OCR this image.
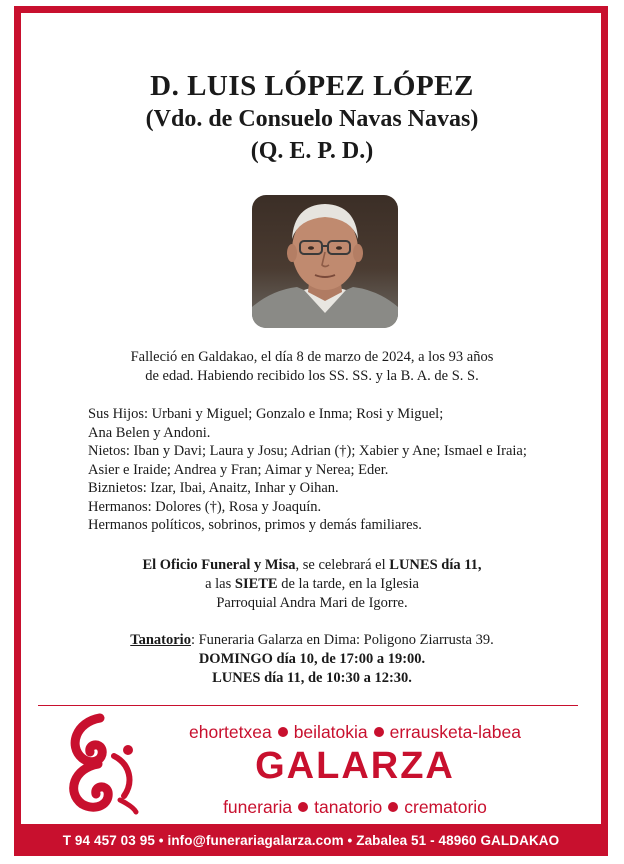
D. LUIS LÓPEZ LÓPEZ
(Vdo. de Consuelo Navas Navas)
(Q. E. P. D.)
Falleció en Galdakao, el día 8 de marzo de 2024, a los 93 años
de edad. Habiendo recibido los SS. SS. y la B. A. de S. S.
Sus Hijos: Urbani y Miguel; Gonzalo e Inma; Rosi y Miguel;
Ana Belen y Andoni.
Nietos: Iban y Davi; Laura y Josu; Adrian (†); Xabier y Ane; Ismael e Iraia;
Asier e Iraide; Andrea y Fran; Aimar y Nerea; Eder.
Biznietos: Izar, Ibai, Anaitz, Inhar y Oihan.
Hermanos: Dolores (†), Rosa y Joaquín.
Hermanos políticos, sobrinos, primos y demás familiares.
El Oficio Funeral y Misa, se celebrará el LUNES día 11,
a las SIETE de la tarde, en la Iglesia
Parroquial Andra Mari de Igorre.
Tanatorio: Funeraria Galarza en Dima: Poligono Ziarrusta 39.
DOMINGO día 10, de 17:00 a 19:00.
LUNES día 11, de 10:30 a 12:30.
ehortetxea beilatokia errausketa-labea
GALARZA
funeraria tanatorio crematorio
T 94 457 03 95 • info@funerariagalarza.com • Zabalea 51 - 48960 GALDAKAO
